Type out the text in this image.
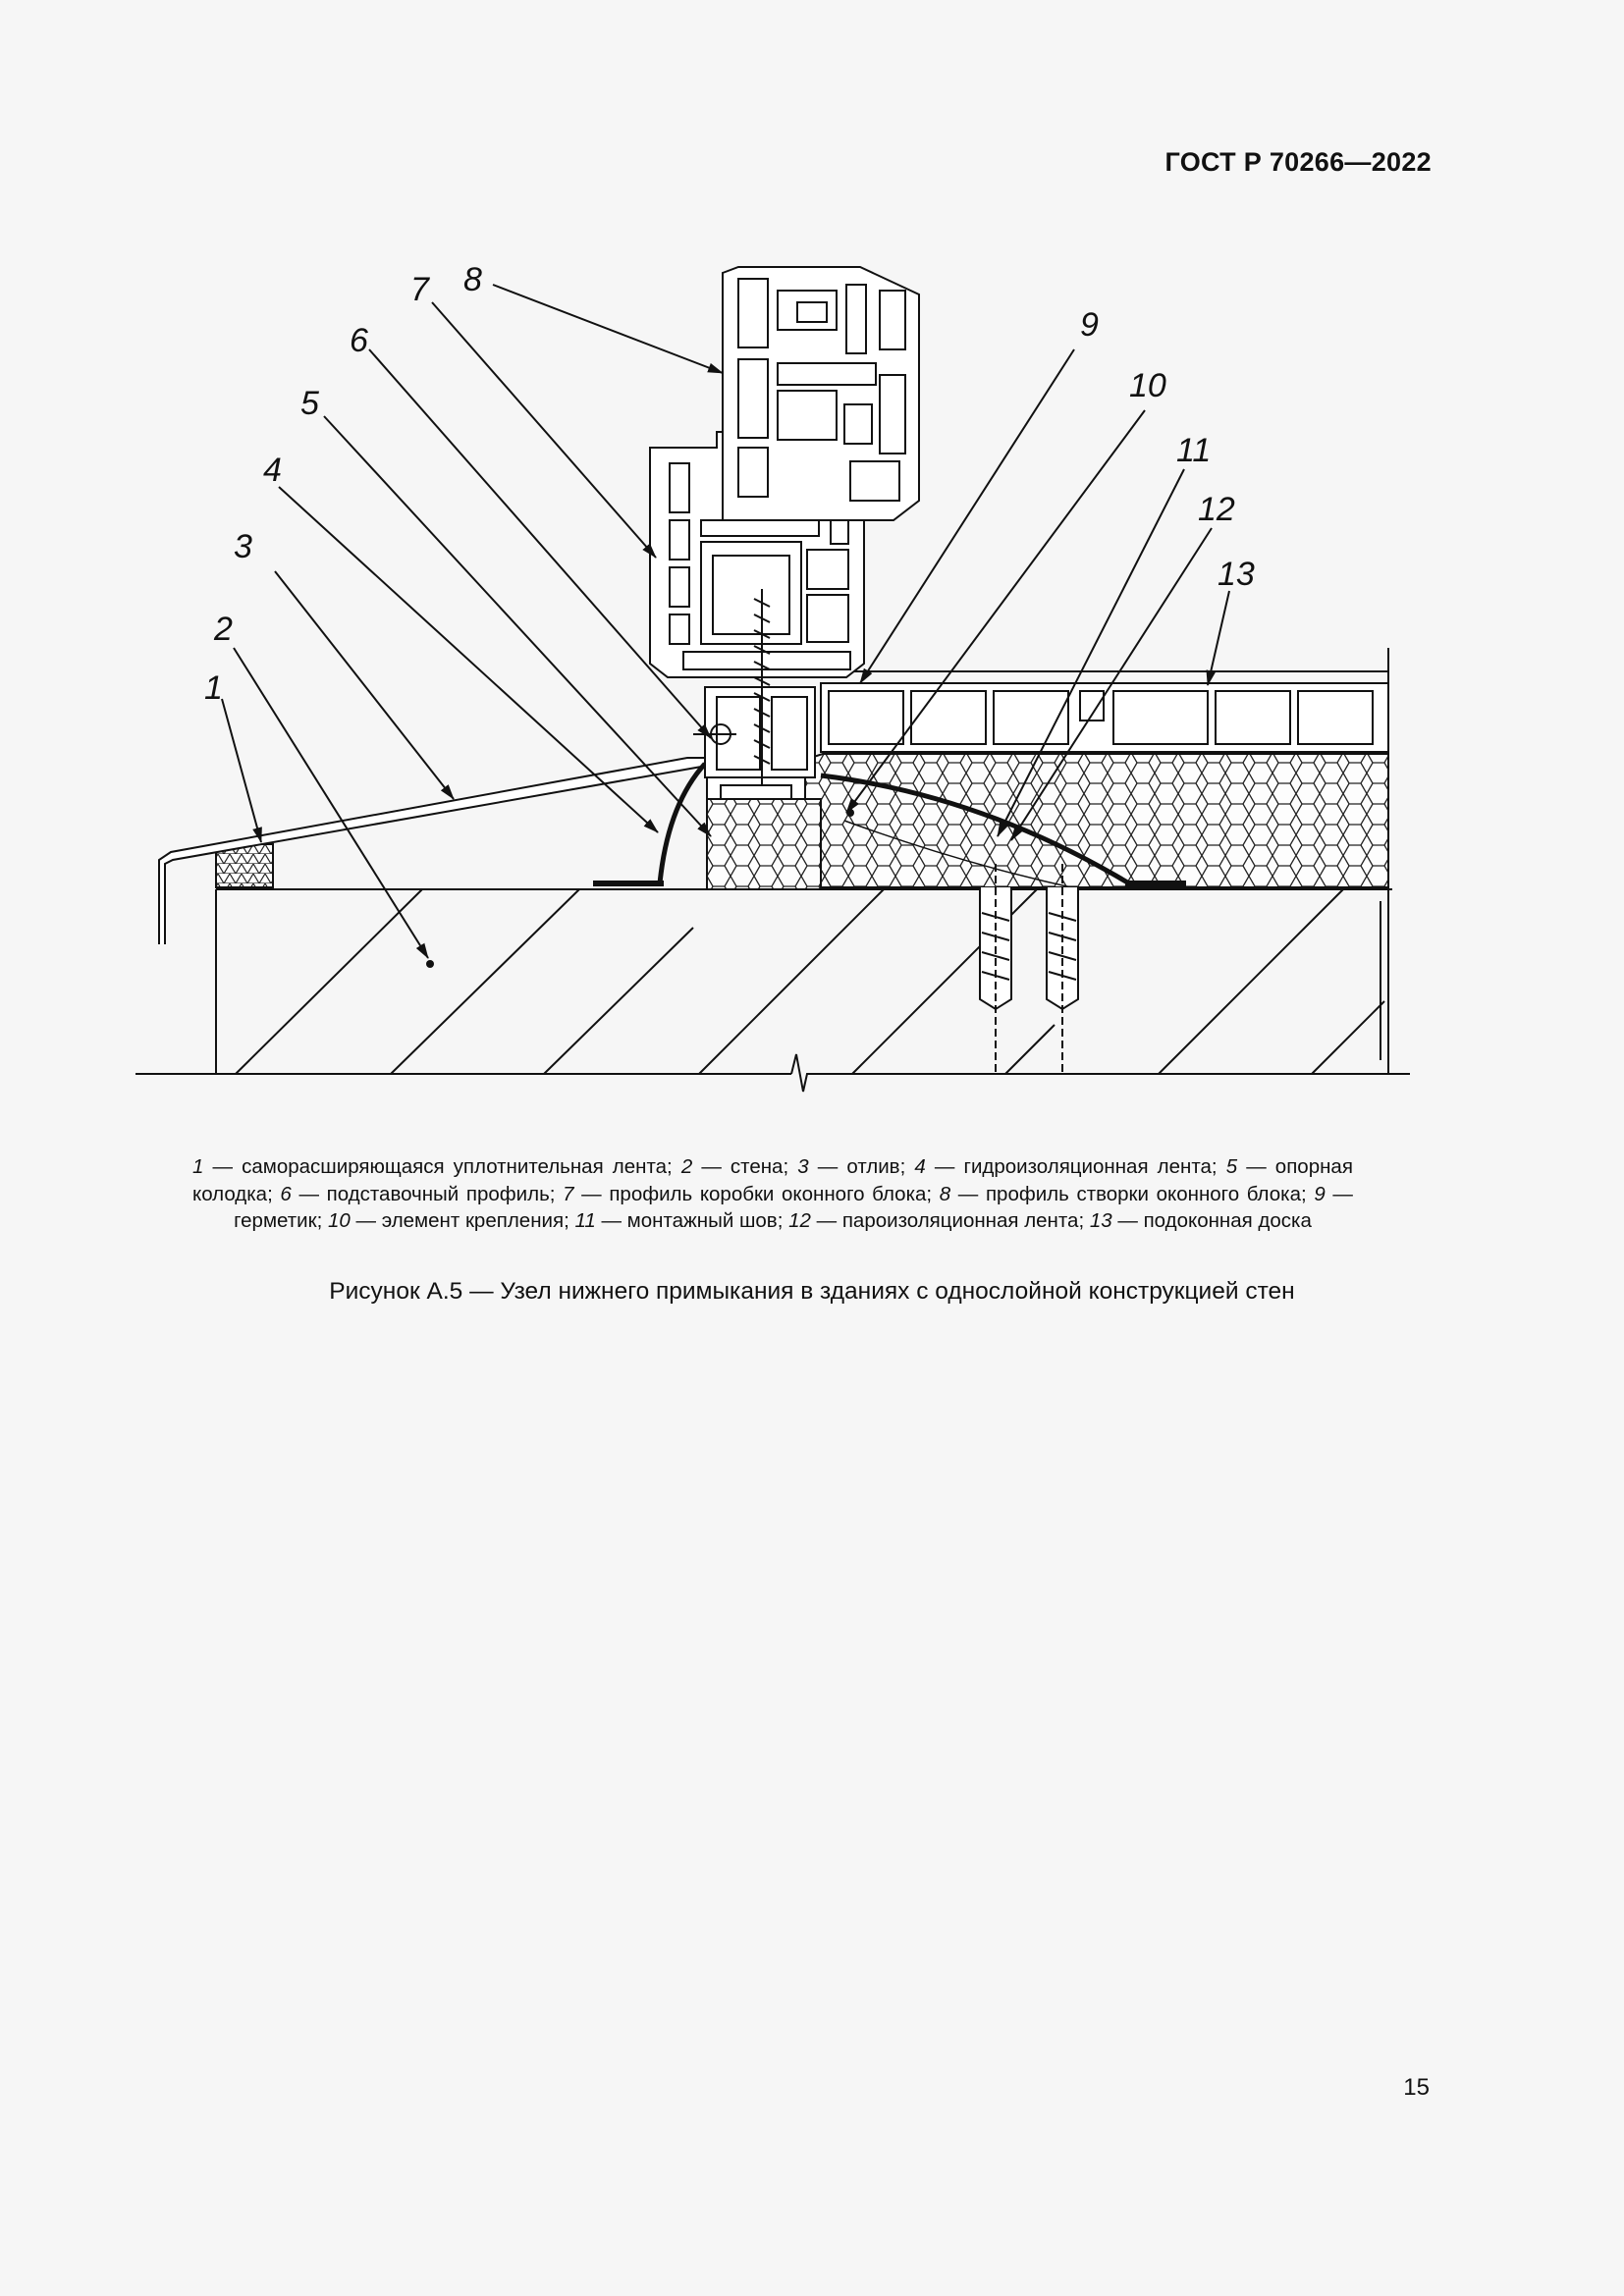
ГОСТ Р 70266—2022
1
2
3
4
5
6
7 8
9
10
11
12
13
1 — саморасширяющаяся уплотнительная лента; 2 — стена; 3 — отлив; 4 — гидроизоляционная лента; 5 — опорная колодка; 6 — подставочный профиль; 7 — профиль коробки оконного блока; 8 — профиль створки оконного блока; 9 — герметик; 10 — элемент крепления; 11 — монтажный шов; 12 — пароизоляционная лента; 13 — подоконная доска
Рисунок А.5 — Узел нижнего примыкания в зданиях с однослойной конструкцией стен
15
